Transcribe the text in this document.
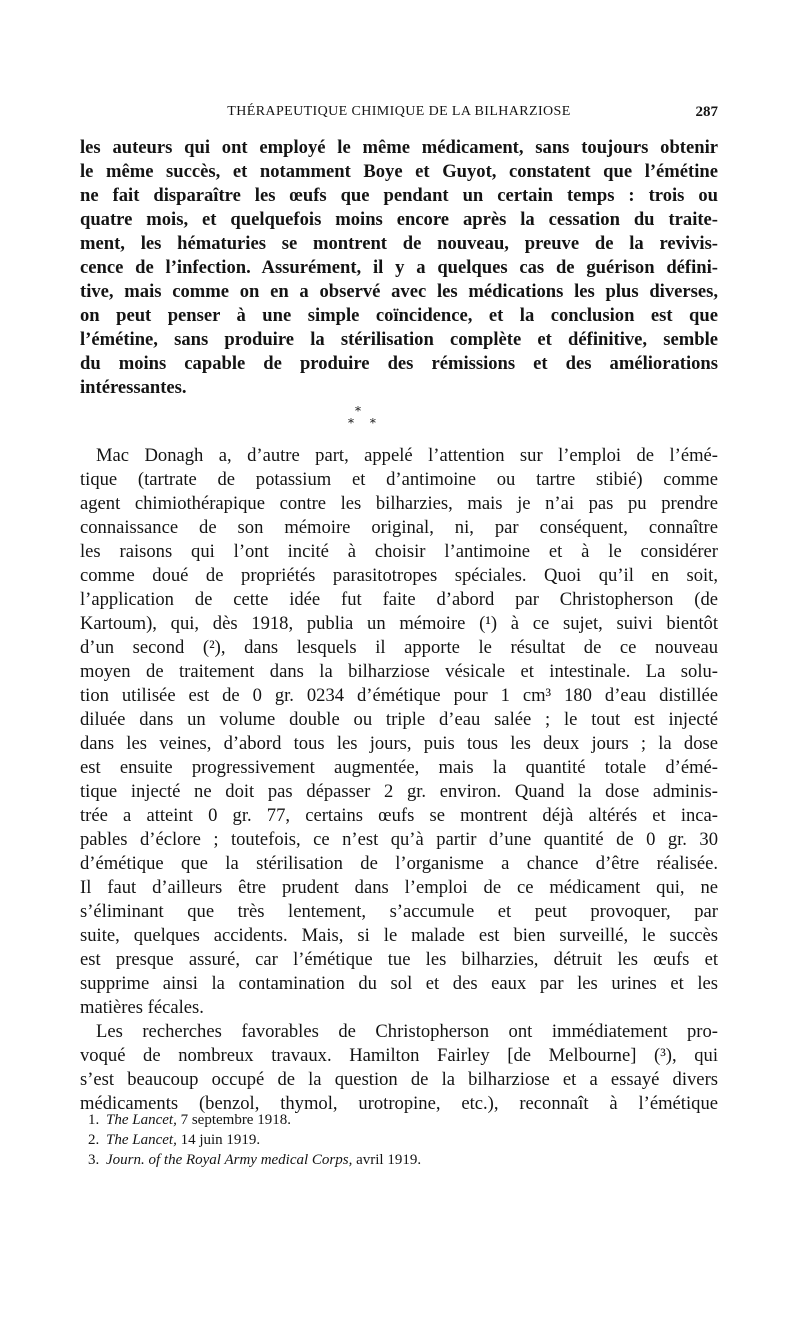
THÉRAPEUTIQUE CHIMIQUE DE LA BILHARZIOSE	287
les auteurs qui ont employé le même médicament, sans toujours obtenir
le même succès, et notamment Boye et Guyot, constatent que l’émétine
ne fait disparaître les œufs que pendant un certain temps : trois ou
quatre mois, et quelquefois moins encore après la cessation du traite-
ment, les hématuries se montrent de nouveau, preuve de la revivis-
cence de l’infection. Assurément, il y a quelques cas de guérison défini-
tive, mais comme on en a observé avec les médications les plus diverses,
on peut penser à une simple coïncidence, et la conclusion est que
l’émétine, sans produire la stérilisation complète et définitive, semble
du moins capable de produire des rémissions et des améliorations
intéressantes.
*
* *
Mac Donagh a, d’autre part, appelé l’attention sur l’emploi de l’émé-
tique (tartrate de potassium et d’antimoine ou tartre stibié) comme
agent chimiothérapique contre les bilharzies, mais je n’ai pas pu prendre
connaissance de son mémoire original, ni, par conséquent, connaître
les raisons qui l’ont incité à choisir l’antimoine et à le considérer
comme doué de propriétés parasitotropes spéciales. Quoi qu’il en soit,
l’application de cette idée fut faite d’abord par Christopherson (de
Kartoum), qui, dès 1918, publia un mémoire (¹) à ce sujet, suivi bientôt
d’un second (²), dans lesquels il apporte le résultat de ce nouveau
moyen de traitement dans la bilharziose vésicale et intestinale. La solu-
tion utilisée est de 0 gr. 0234 d’émétique pour 1 cm³ 180 d’eau distillée
diluée dans un volume double ou triple d’eau salée ; le tout est injecté
dans les veines, d’abord tous les jours, puis tous les deux jours ; la dose
est ensuite progressivement augmentée, mais la quantité totale d’émé-
tique injecté ne doit pas dépasser 2 gr. environ. Quand la dose adminis-
trée a atteint 0 gr. 77, certains œufs se montrent déjà altérés et inca-
pables d’éclore ; toutefois, ce n’est qu’à partir d’une quantité de 0 gr. 30
d’émétique que la stérilisation de l’organisme a chance d’être réalisée.
Il faut d’ailleurs être prudent dans l’emploi de ce médicament qui, ne
s’éliminant que très lentement, s’accumule et peut provoquer, par
suite, quelques accidents. Mais, si le malade est bien surveillé, le succès
est presque assuré, car l’émétique tue les bilharzies, détruit les œufs et
supprime ainsi la contamination du sol et des eaux par les urines et les
matières fécales.
Les recherches favorables de Christopherson ont immédiatement pro-
voqué de nombreux travaux. Hamilton Fairley [de Melbourne] (³), qui
s’est beaucoup occupé de la question de la bilharziose et a essayé divers
médicaments (benzol, thymol, urotropine, etc.), reconnaît à l’émétique
1. The Lancet, 7 septembre 1918.
2. The Lancet, 14 juin 1919.
3. Journ. of the Royal Army medical Corps, avril 1919.
